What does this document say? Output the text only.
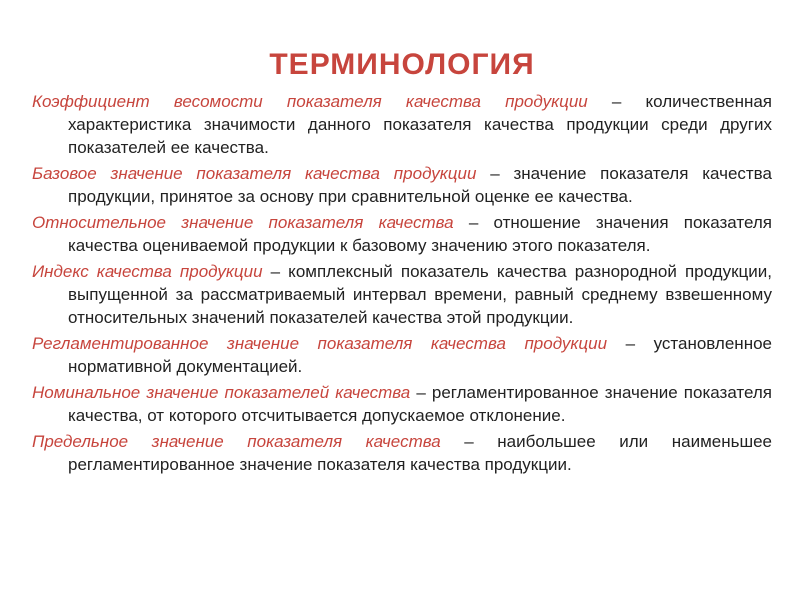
ТЕРМИНОЛОГИЯ
Коэффициент весомости показателя качества продукции – количественная характеристика значимости данного показателя качества продукции среди других показателей ее качества.
Базовое значение показателя качества продукции – значение показателя качества продукции, принятое за основу при сравнительной оценке ее качества.
Относительное значение показателя качества – отношение значения показателя качества оцениваемой продукции к базовому значению этого показателя.
Индекс качества продукции – комплексный показатель качества разнородной продукции, выпущенной за рассматриваемый интервал времени, равный среднему взвешенному относительных значений показателей качества этой продукции.
Регламентированное значение показателя качества продукции – установленное нормативной документацией.
Номинальное значение показателей качества – регламентированное значение показателя качества, от которого отсчитывается допускаемое отклонение.
Предельное значение показателя качества – наибольшее или наименьшее регламентированное значение показателя качества продукции.
